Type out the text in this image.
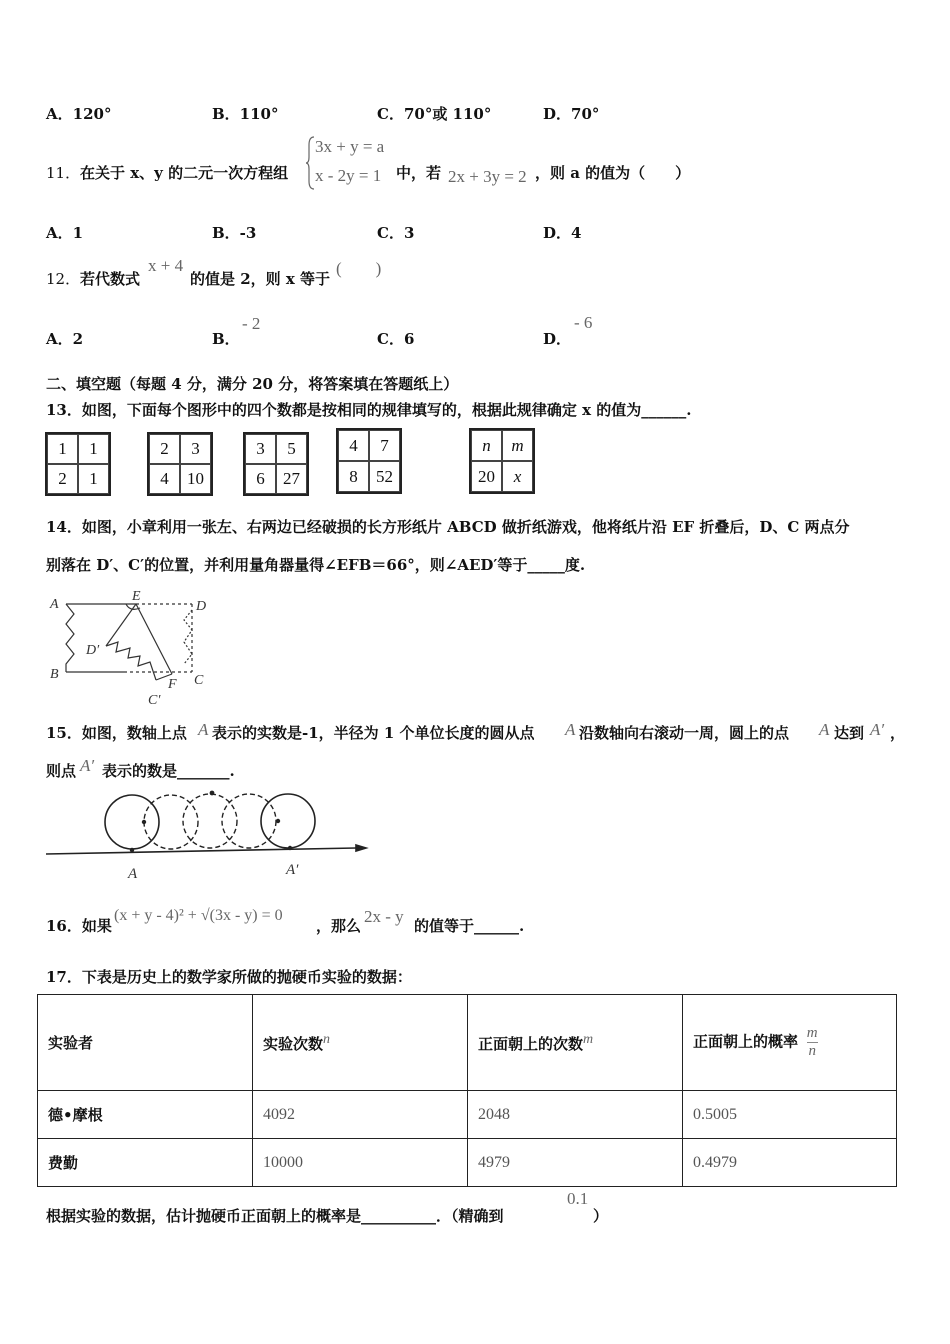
A．120°	B．110°	C．70°或 110°	D．70°
11． 在关于 x、y 的二元一次方程组
3x + y = a
x - 2y = 1 中，若 2x + 3y = 2 ，则 a 的值为（　　）
A．1	B．-3	C．3	D．4
12． 若代数式
x + 4
的值是 2，则 x 等于
(　　)
A．2	B．
- 2
C．6	D．
- 6
二、填空题（每题 4 分，满分 20 分，将答案填在答题纸上）
13．如图，下面每个图形中的四个数都是按相同的规律填写的，根据此规律确定 x 的值为______.
1	1
2	1
2	3
4	10
3	5
6	27
4	7
8	52
n	m
20	x
14．如图，小章利用一张左、右两边已经破损的长方形纸片 ABCD 做折纸游戏，他将纸片沿 EF 折叠后，D、C 两点分
别落在 D′、C′的位置，并利用量角器量得∠EFB＝66°，则∠AED′等于_____度.
A
E
D
D′
B
F C
C′
15．如图，数轴上点 A 表示的实数是-1，半径为 1 个单位长度的圆从点 A 沿数轴向右滚动一周，圆上的点 A 达到 A′ ，
则点 A′ 表示的数是_______.
A	A′
16．如果
(x + y - 4)² + √(3x - y) = 0
，那么 2x - y 的值等于______.
17．下表是历史上的数学家所做的抛硬币实验的数据：
实验者	实验次数$^n$	正面朝上的次数$^m$	正面朝上的概率 $\frac{m}{n}$

德•摩根	4092	2048	0.5005
费勤	10000	4979	0.4979
根据实验的数据，估计抛硬币正面朝上的概率是__________．（精确到
0.1
）
